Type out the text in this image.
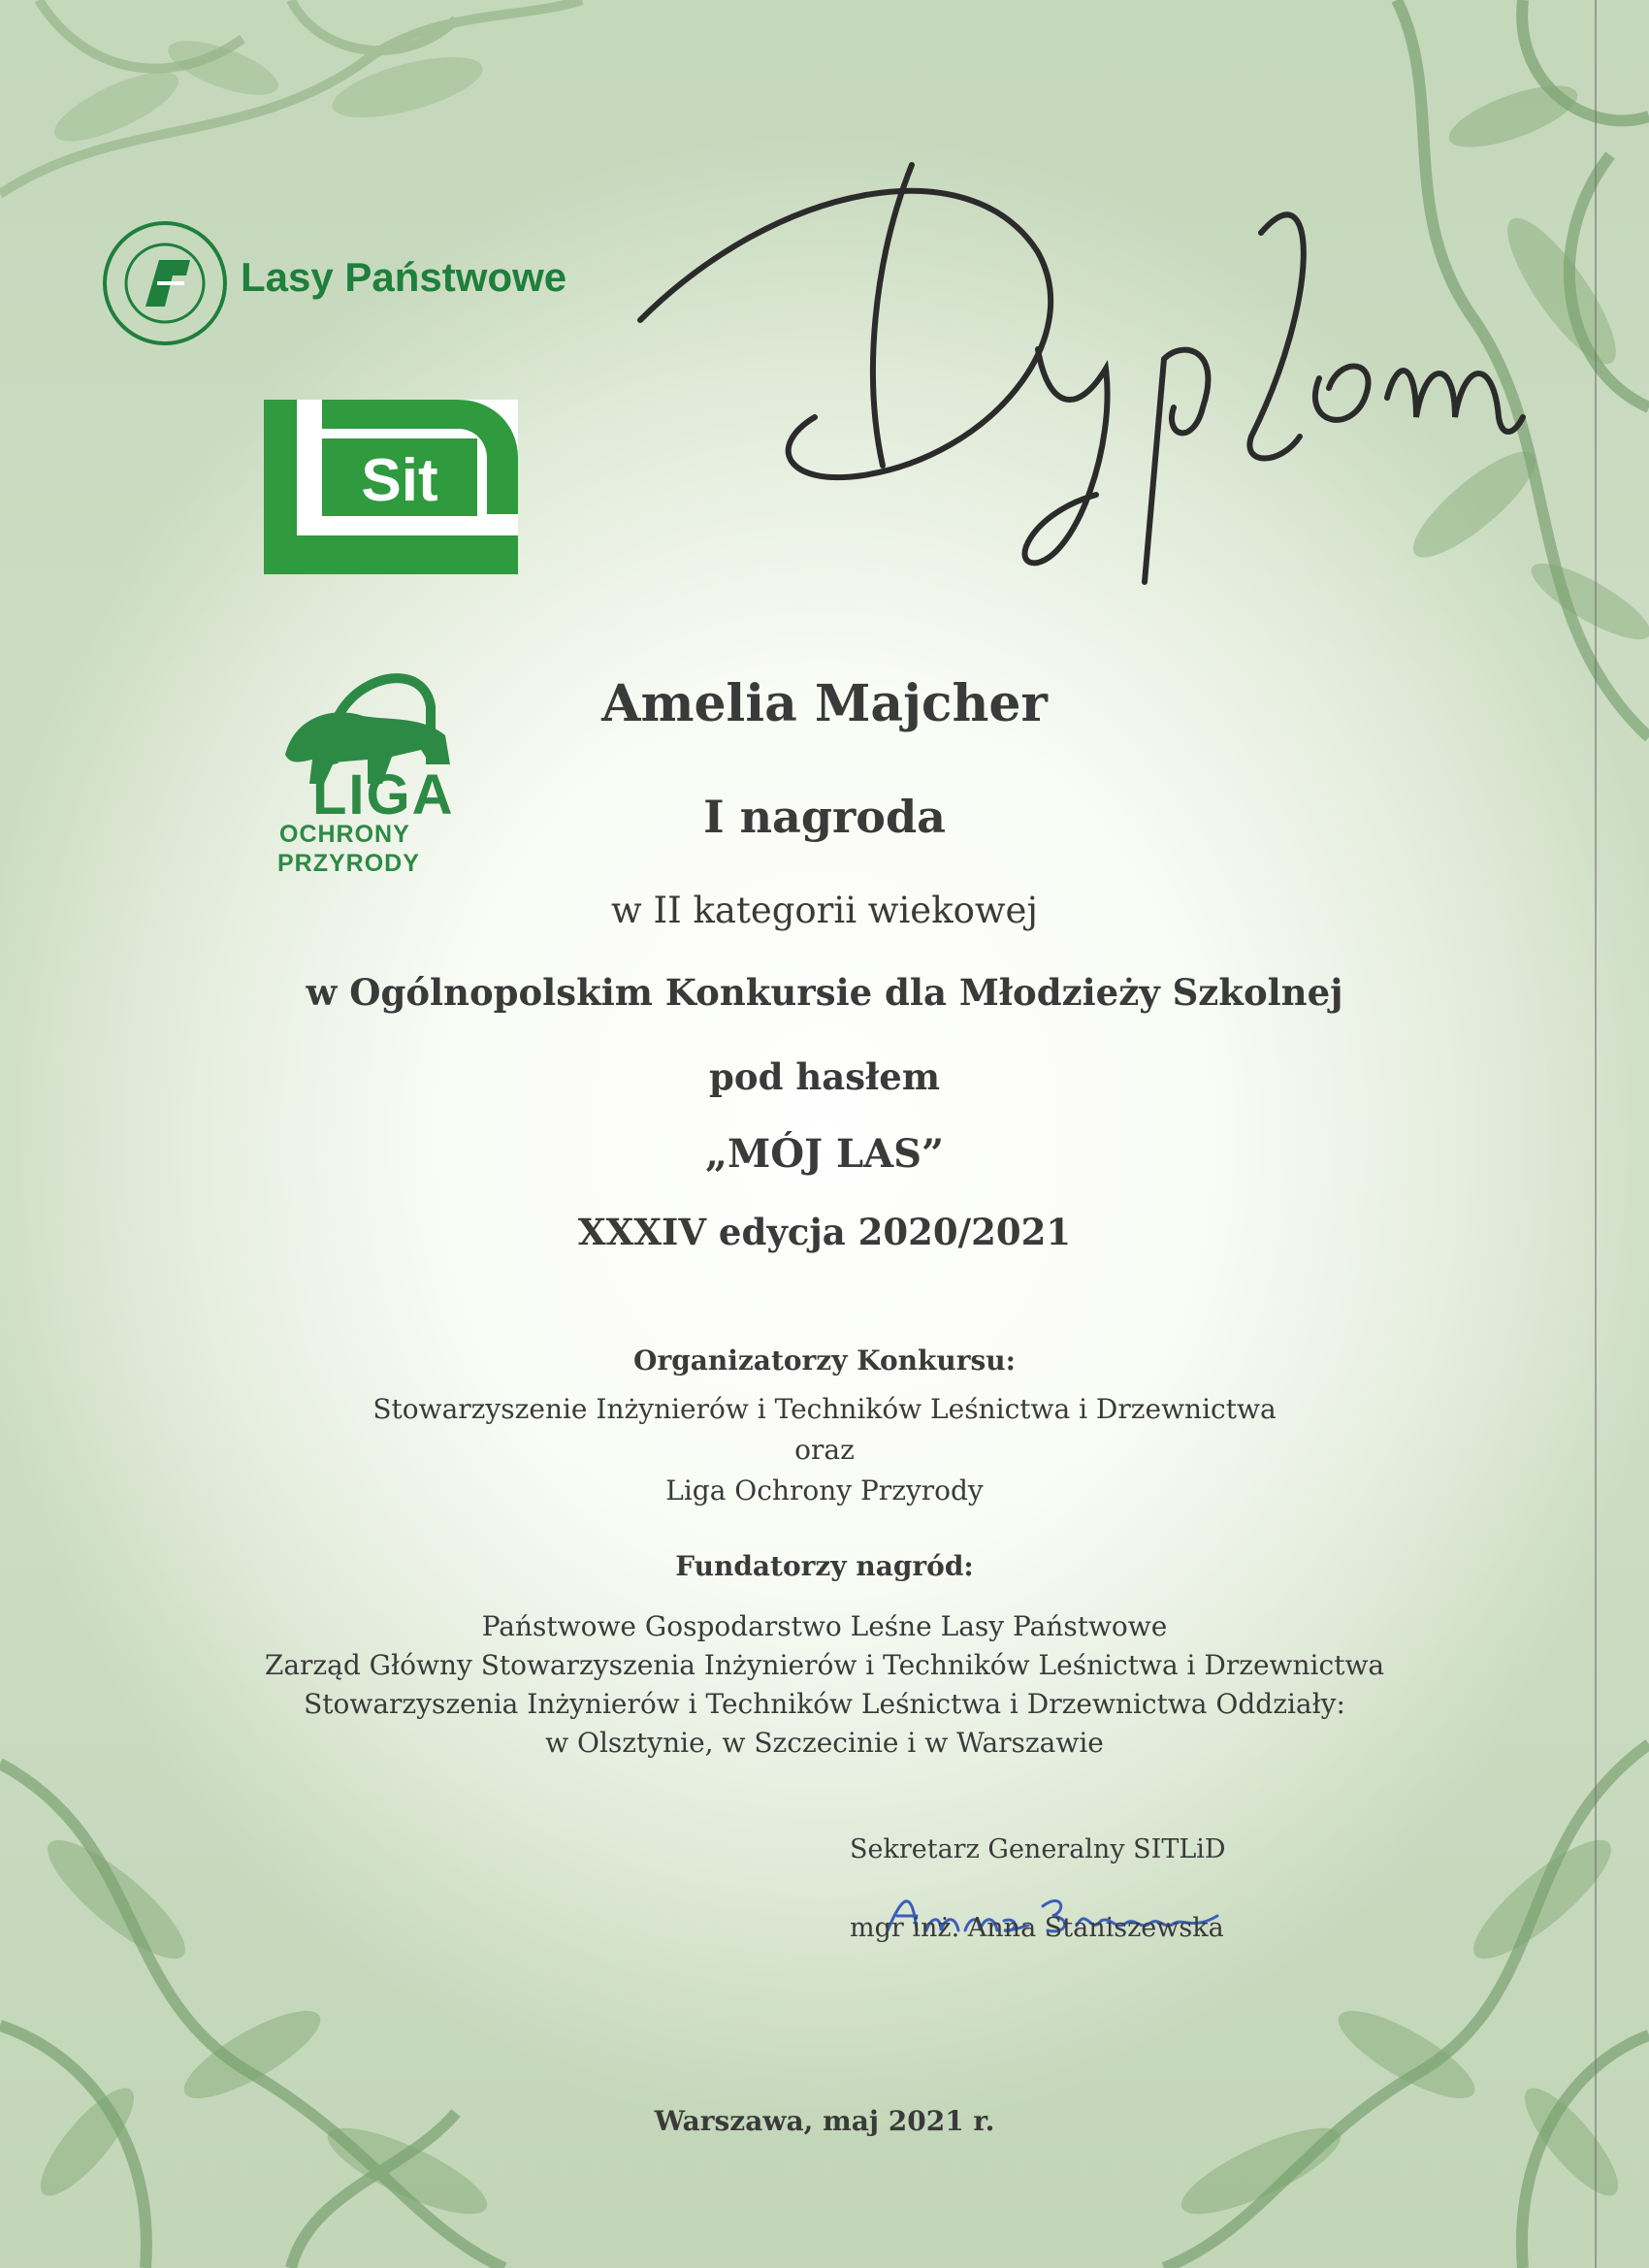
Lasy Państwowe
Sit
LIGA
OCHRONY
PRZYRODY
Dyplom
Amelia Majcher
I nagroda
w II kategorii wiekowej
w Ogólnopolskim Konkursie dla Młodzieży Szkolnej
pod hasłem
„MÓJ LAS”
XXXIV edycja 2020/2021
Organizatorzy Konkursu:
Stowarzyszenie Inżynierów i Techników Leśnictwa i Drzewnictwa
oraz
Liga Ochrony Przyrody
Fundatorzy nagród:
Państwowe Gospodarstwo Leśne Lasy Państwowe
Zarząd Główny Stowarzyszenia Inżynierów i Techników Leśnictwa i Drzewnictwa
Stowarzyszenia Inżynierów i Techników Leśnictwa i Drzewnictwa Oddziały:
w Olsztynie, w Szczecinie i w Warszawie
Sekretarz Generalny SITLiD
mgr inż. Anna Staniszewska
Warszawa, maj 2021 r.
